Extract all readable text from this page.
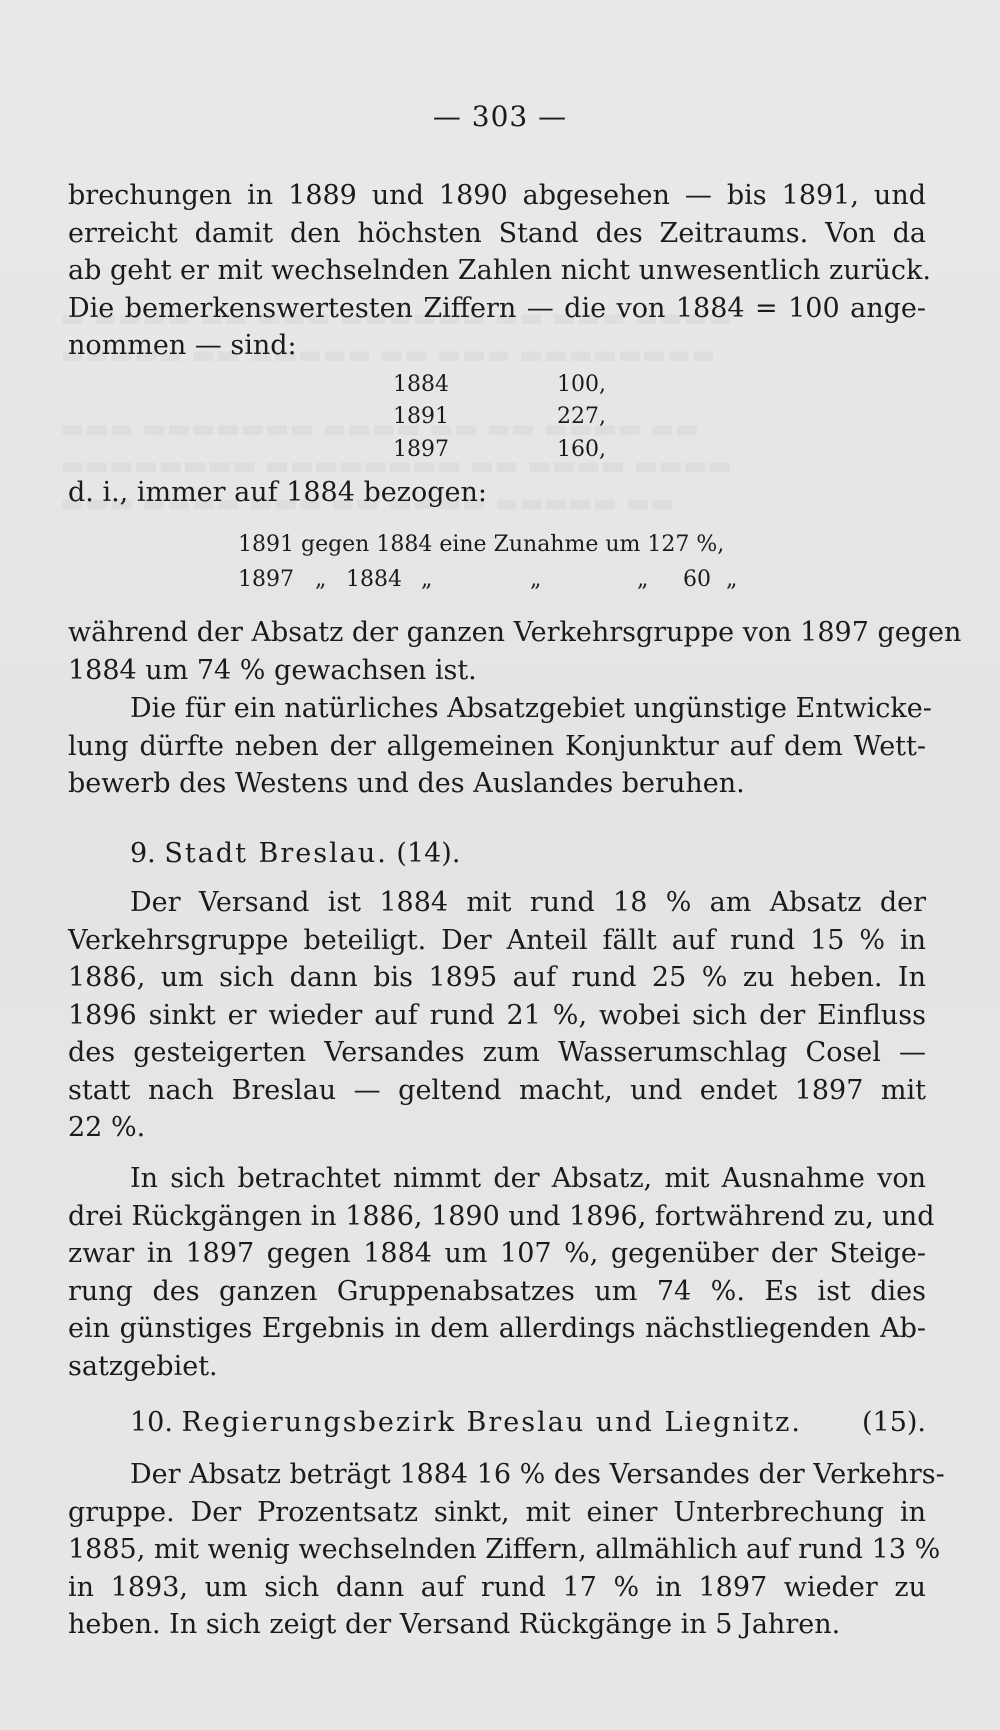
— 303 —
brechungen in 1889 und 1890 abgesehen — bis 1891, und
erreicht damit den höchsten Stand des Zeitraums. Von da
ab geht er mit wechselnden Zahlen nicht unwesentlich zurück.
Die bemerkenswertesten Ziffern — die von 1884 = 100 ange-
nommen — sind:
1884	100,
1891	227,
1897	160,
d. i., immer auf 1884 bezogen:
1891 gegen 1884 eine Zunahme um 127 %,
1897 „ 1884 „	„	„ 60 „
während der Absatz der ganzen Verkehrsgruppe von 1897 gegen
1884 um 74 % gewachsen ist.
Die für ein natürliches Absatzgebiet ungünstige Entwicke-
lung dürfte neben der allgemeinen Konjunktur auf dem Wett-
bewerb des Westens und des Auslandes beruhen.
9. Stadt Breslau. (14).
Der Versand ist 1884 mit rund 18 % am Absatz der
Verkehrsgruppe beteiligt. Der Anteil fällt auf rund 15 % in
1886, um sich dann bis 1895 auf rund 25 % zu heben. In
1896 sinkt er wieder auf rund 21 %, wobei sich der Einfluss
des gesteigerten Versandes zum Wasserumschlag Cosel —
statt nach Breslau — geltend macht, und endet 1897 mit
22 %.
In sich betrachtet nimmt der Absatz, mit Ausnahme von
drei Rückgängen in 1886, 1890 und 1896, fortwährend zu, und
zwar in 1897 gegen 1884 um 107 %, gegenüber der Steige-
rung des ganzen Gruppenabsatzes um 74 %. Es ist dies
ein günstiges Ergebnis in dem allerdings nächstliegenden Ab-
satzgebiet.
10. Regierungsbezirk Breslau und Liegnitz. (15).
Der Absatz beträgt 1884 16 % des Versandes der Verkehrs-
gruppe. Der Prozentsatz sinkt, mit einer Unterbrechung in
1885, mit wenig wechselnden Ziffern, allmählich auf rund 13 %
in 1893, um sich dann auf rund 17 % in 1897 wieder zu
heben. In sich zeigt der Versand Rückgänge in 5 Jahren.
